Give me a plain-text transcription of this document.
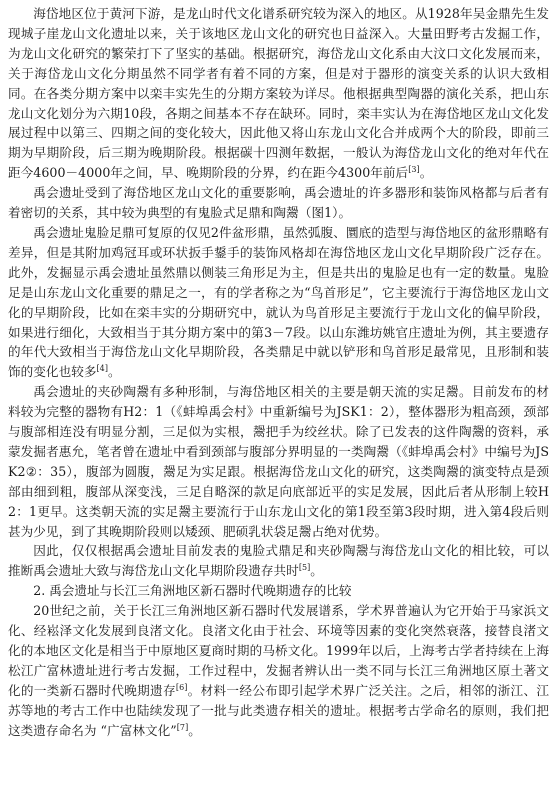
海岱地区位于黄河下游，是龙山时代文化谱系研究较为深入的地区。从1928年吴金鼎先生发现城子崖龙山文化遗址以来，关于该地区龙山文化的研究也日益深入。大量田野考古发掘工作，为龙山文化研究的繁荣打下了坚实的基础。根据研究，海岱龙山文化系由大汶口文化发展而来，关于海岱龙山文化分期虽然不同学者有着不同的方案，但是对于器形的演变关系的认识大致相同。在各类分期方案中以栾丰实先生的分期方案较为详尽。他根据典型陶器的演化关系，把山东龙山文化划分为六期10段，各期之间基本不存在缺环。同时，栾丰实认为在海岱地区龙山文化发展过程中以第三、四期之间的变化较大，因此他又将山东龙山文化合并成两个大的阶段，即前三期为早期阶段，后三期为晚期阶段。根据碳十四测年数据，一般认为海岱龙山文化的绝对年代在距今4600－4000年之间，早、晚期阶段的分界，约在距今4300年前后[3]。

禹会遗址受到了海岱地区龙山文化的重要影响，禹会遗址的许多器形和装饰风格都与后者有着密切的关系，其中较为典型的有鬼脸式足鼎和陶鬶（图1）。

禹会遗址鬼脸足鼎可复原的仅见2件盆形鼎，虽然弧腹、圜底的造型与海岱地区的盆形鼎略有差异，但是其附加鸡冠耳或环状扳手鋬手的装饰风格却在海岱地区龙山文化早期阶段广泛存在。此外，发掘显示禹会遗址虽然鼎以侧装三角形足为主，但是共出的鬼脸足也有一定的数量。鬼脸足是山东龙山文化重要的鼎足之一，有的学者称之为“鸟首形足”，它主要流行于海岱地区龙山文化的早期阶段，比如在栾丰实的分期研究中，就认为鸟首形足主要流行于龙山文化的偏早阶段，如果进行细化，大致相当于其分期方案中的第3－7段。以山东潍坊姚官庄遗址为例，其主要遗存的年代大致相当于海岱龙山文化早期阶段，各类鼎足中就以铲形和鸟首形足最常见，且形制和装饰的变化也较多[4]。

禹会遗址的夹砂陶鬶有多种形制，与海岱地区相关的主要是朝天流的实足鬶。目前发布的材料较为完整的器物有H2：1（《蚌埠禹会村》中重新编号为JSK1：2），整体器形为粗高颈，颈部与腹部相连没有明显分割，三足似为实根，鬶把手为绞丝状。除了已发表的这件陶鬶的资料，承蒙发掘者惠允，笔者曾在遗址中看到颈部与腹部分界明显的一类陶鬶（《蚌埠禹会村》中编号为JSK2②：35），腹部为圆腹，鬶足为实足跟。根据海岱龙山文化的研究，这类陶鬶的演变特点是颈部由细到粗，腹部从深变浅，三足自略深的款足向底部近平的实足发展，因此后者从形制上较H2：1更早。这类朝天流的实足鬶主要流行于山东龙山文化的第1段至第3段时期，进入第4段后则甚为少见，到了其晚期阶段则以矮颈、肥硕乳状袋足鬶占绝对优势。

因此，仅仅根据禹会遗址目前发表的鬼脸式鼎足和夹砂陶鬶与海岱龙山文化的相比较，可以推断禹会遗址大致与海岱龙山文化早期阶段遗存共时[5]。

2. 禹会遗址与长江三角洲地区新石器时代晚期遗存的比较

20世纪之前，关于长江三角洲地区新石器时代发展谱系，学术界普遍认为它开始于马家浜文化、经崧泽文化发展到良渚文化。良渚文化由于社会、环境等因素的变化突然衰落，接替良渚文化的本地区文化是相当于中原地区夏商时期的马桥文化。1999年以后，上海考古学者持续在上海松江广富林遗址进行考古发掘，工作过程中，发掘者辨认出一类不同与长江三角洲地区原土著文化的一类新石器时代晚期遗存[6]。材料一经公布即引起学术界广泛关注。之后，相邻的浙江、江苏等地的考古工作中也陆续发现了一批与此类遗存相关的遗址。根据考古学命名的原则，我们把这类遗存命名为 “广富林文化”[7]。
